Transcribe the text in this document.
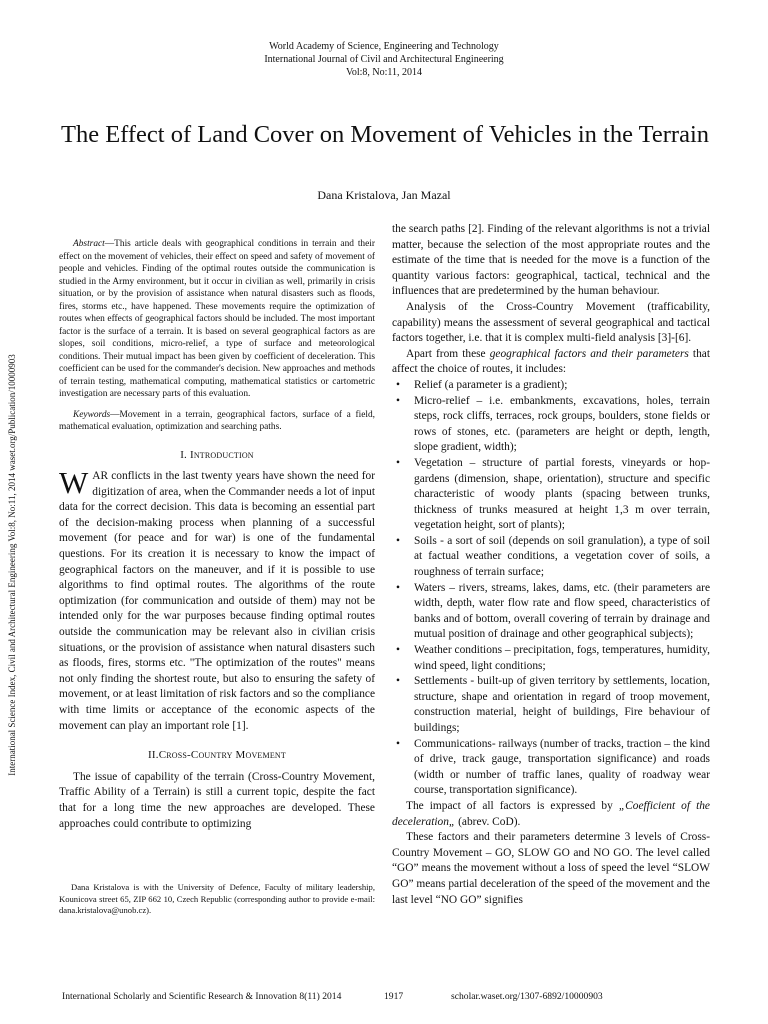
World Academy of Science, Engineering and Technology
International Journal of Civil and Architectural Engineering
Vol:8, No:11, 2014
The Effect of Land Cover on Movement of Vehicles in the Terrain
Dana Kristalova, Jan Mazal
International Science Index, Civil and Architectural Engineering Vol:8, No:11, 2014 waset.org/Publication/10000903

Abstract—This article deals with geographical conditions in terrain and their effect on the movement of vehicles, their effect on speed and safety of movement of people and vehicles. Finding of the optimal routes outside the communication is studied in the Army environment, but it occur in civilian as well, primarily in crisis situation, or by the provision of assistance when natural disasters such as floods, fires, storms etc., have happened. These movements require the optimization of routes when effects of geographical factors should be included. The most important factor is the surface of a terrain. It is based on several geographical factors as are slopes, soil conditions, micro-relief, a type of surface and meteorological conditions. Their mutual impact has been given by coefficient of deceleration. This coefficient can be used for the commander's decision. New approaches and methods of terrain testing, mathematical computing, mathematical statistics or cartometric investigation are necessary parts of this evaluation.

Keywords—Movement in a terrain, geographical factors, surface of a field, mathematical evaluation, optimization and searching paths.

I. Introduction

WAR conflicts in the last twenty years have shown the need for digitization of area, when the Commander needs a lot of input data for the correct decision. This data is becoming an essential part of the decision-making process when planning of a successful movement (for peace and for war) is one of the fundamental questions. For its creation it is necessary to know the impact of geographical factors on the maneuver, and if it is possible to use algorithms to find optimal routes. The algorithms of the route optimization (for communication and outside of them) may not be intended only for the war purposes because finding optimal routes outside the communication may be relevant also in civilian crisis situations, or the provision of assistance when natural disasters such as floods, fires, storms etc. "The optimization of the routes" means not only finding the shortest route, but also to ensuring the safety of movement, or at least limitation of risk factors and so the compliance with time limits or acceptance of the economic aspects of the movement can play an important role [1].

II.Cross-Country Movement

The issue of capability of the terrain (Cross-Country Movement, Traffic Ability of a Terrain) is still a current topic, despite the fact that for a long time the new approaches are developed. These approaches could contribute to optimizing

Dana Kristalova is with the University of Defence, Faculty of military leadership, Kounicova street 65, ZIP 662 10, Czech Republic (corresponding author to provide e-mail: dana.kristalova@unob.cz).

the search paths [2]. Finding of the relevant algorithms is not a trivial matter, because the selection of the most appropriate routes and the estimate of the time that is needed for the move is a function of the quantity various factors: geographical, tactical, technical and the influences that are predetermined by the human behaviour.

Analysis of the Cross-Country Movement (trafficability, capability) means the assessment of several geographical and tactical factors together, i.e. that it is complex multi-field analysis [3]-[6].

Apart from these geographical factors and their parameters that affect the choice of routes, it includes:

• Relief (a parameter is a gradient);
• Micro-relief – i.e. embankments, excavations, holes, terrain steps, rock cliffs, terraces, rock groups, boulders, stone fields or rows of stones, etc. (parameters are height or depth, length, slope gradient, width);
• Vegetation – structure of partial forests, vineyards or hop-gardens (dimension, shape, orientation), structure and specific characteristic of woody plants (spacing between trunks, thickness of trunks measured at height 1,3 m over terrain, vegetation height, sort of plants);
• Soils - a sort of soil (depends on soil granulation), a type of soil at factual weather conditions, a vegetation cover of soils, a roughness of terrain surface;
• Waters – rivers, streams, lakes, dams, etc. (their parameters are width, depth, water flow rate and flow speed, characteristics of banks and of bottom, overall covering of terrain by drainage and mutual position of drainage and other geographical subjects);
• Weather conditions – precipitation, fogs, temperatures, humidity, wind speed, light conditions;
• Settlements - built-up of given territory by settlements, location, structure, shape and orientation in regard of troop movement, construction material, height of buildings, Fire behaviour of buildings;
• Communications- railways (number of tracks, traction – the kind of drive, track gauge, transportation significance) and roads (width or number of traffic lanes, quality of roadway wear course, transportation significance).

The impact of all factors is expressed by „Coefficient of the deceleration„ (abrev. CoD).

These factors and their parameters determine 3 levels of Cross-Country Movement – GO, SLOW GO and NO GO. The level called “GO” means the movement without a loss of speed the level “SLOW GO” means partial deceleration of the speed of the movement and the last level “NO GO” signifies

International Scholarly and Scientific Research & Innovation 8(11) 2014	1917	scholar.waset.org/1307-6892/10000903
